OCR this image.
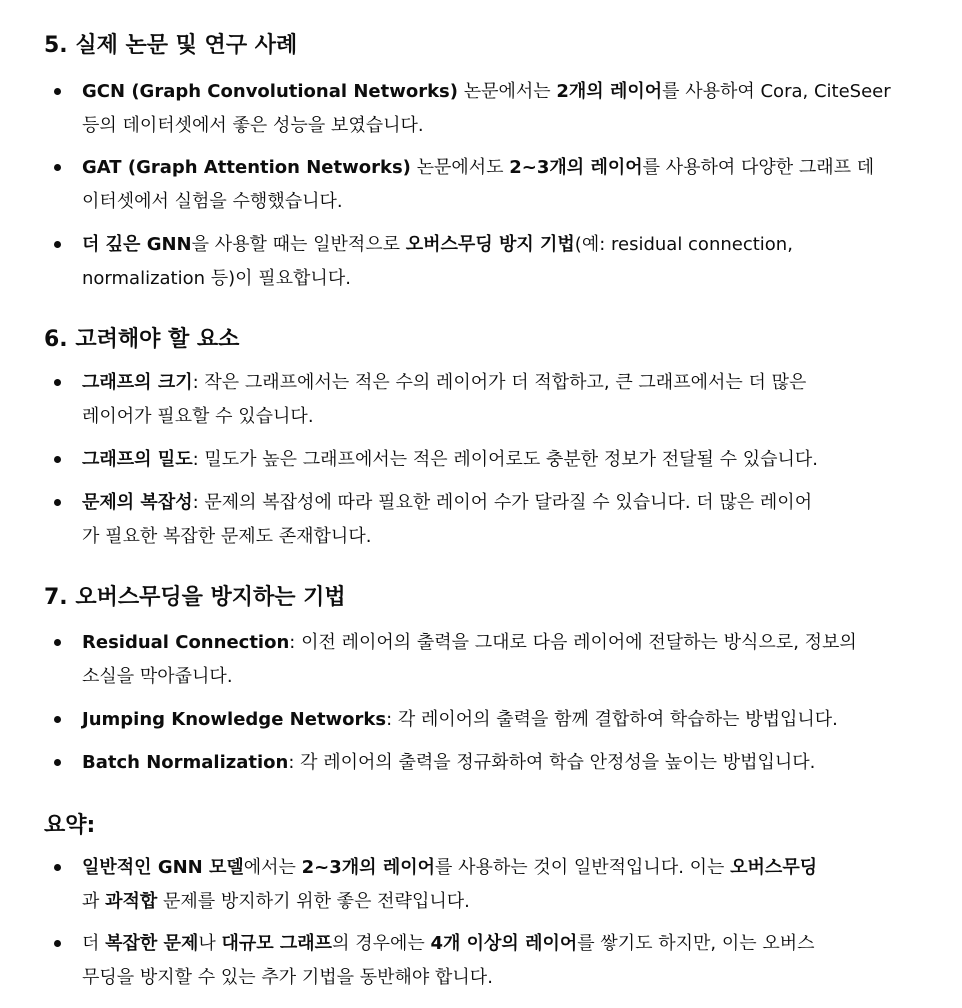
5. 실제 논문 및 연구 사례
GCN (Graph Convolutional Networks) 논문에서는 2개의 레이어를 사용하여 Cora, CiteSeer
등의 데이터셋에서 좋은 성능을 보였습니다.
GAT (Graph Attention Networks) 논문에서도 2~3개의 레이어를 사용하여 다양한 그래프 데
이터셋에서 실험을 수행했습니다.
더 깊은 GNN을 사용할 때는 일반적으로 오버스무딩 방지 기법(예: residual connection,
normalization 등)이 필요합니다.
6. 고려해야 할 요소
그래프의 크기: 작은 그래프에서는 적은 수의 레이어가 더 적합하고, 큰 그래프에서는 더 많은
레이어가 필요할 수 있습니다.
그래프의 밀도: 밀도가 높은 그래프에서는 적은 레이어로도 충분한 정보가 전달될 수 있습니다.
문제의 복잡성: 문제의 복잡성에 따라 필요한 레이어 수가 달라질 수 있습니다. 더 많은 레이어
가 필요한 복잡한 문제도 존재합니다.
7. 오버스무딩을 방지하는 기법
Residual Connection: 이전 레이어의 출력을 그대로 다음 레이어에 전달하는 방식으로, 정보의
소실을 막아줍니다.
Jumping Knowledge Networks: 각 레이어의 출력을 함께 결합하여 학습하는 방법입니다.
Batch Normalization: 각 레이어의 출력을 정규화하여 학습 안정성을 높이는 방법입니다.
요약:
일반적인 GNN 모델에서는 2~3개의 레이어를 사용하는 것이 일반적입니다. 이는 오버스무딩
과 과적합 문제를 방지하기 위한 좋은 전략입니다.
더 복잡한 문제나 대규모 그래프의 경우에는 4개 이상의 레이어를 쌓기도 하지만, 이는 오버스
무딩을 방지할 수 있는 추가 기법을 동반해야 합니다.
